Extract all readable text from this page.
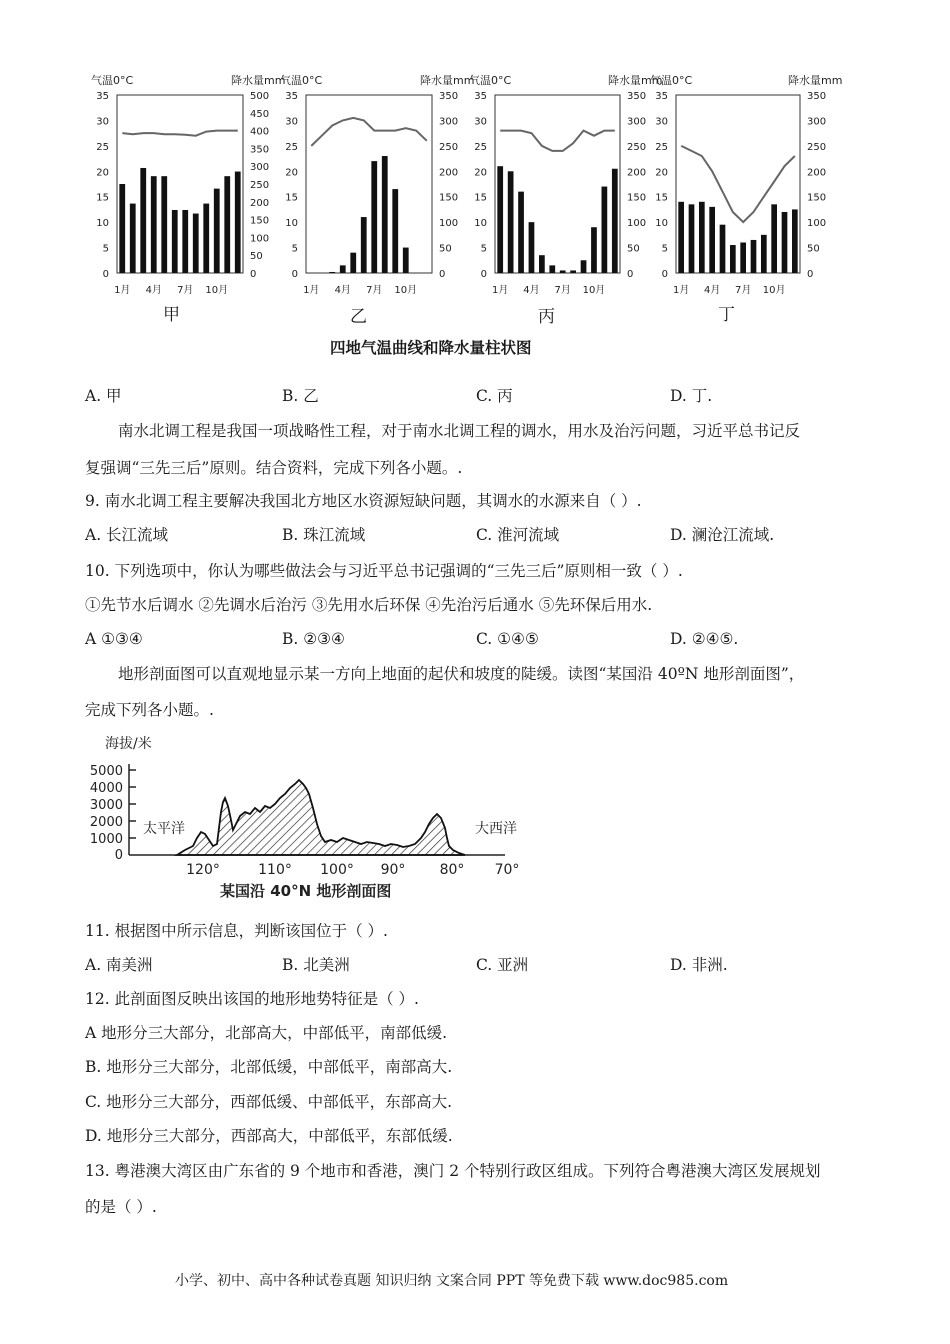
气温0°C	降水量mm
35
30
25
20
15
10
5
0
500
450
400
350
300
250
200
150
100
50
0
1月 4月 7月 10月
气温0°C	降水量mm
35
30
25
20
15
10
5
0
350
300
250
200
150
100
50
0
1月 4月 7月 10月
气温0°C	降水量mm
35
30
25
20
15
10
5
0
350
300
250
200
150
100
50
0
1月 4月 7月 10月
气温0°C	降水量mm
35
30
25
20
15
10
5
0
350
300
250
200
150
100
50
0
1月 4月 7月 10月
甲	乙	丙	丁
四地气温曲线和降水量柱状图
A. 甲	B. 乙	C. 丙	D. 丁.
南水北调工程是我国一项战略性工程，对于南水北调工程的调水，用水及治污问题，习近平总书记反
复强调“三先三后”原则。结合资料，完成下列各小题。.
9. 南水北调工程主要解决我国北方地区水资源短缺问题，其调水的水源来自（ ）.
A. 长江流域	B. 珠江流域	C. 淮河流域	D. 澜沧江流域.
10. 下列选项中，你认为哪些做法会与习近平总书记强调的“三先三后”原则相一致（ ）.
①先节水后调水 ②先调水后治污 ③先用水后环保 ④先治污后通水 ⑤先环保后用水.
A ①③④	B. ②③④	C. ①④⑤	D. ②④⑤.
地形剖面图可以直观地显示某一方向上地面的起伏和坡度的陡缓。读图“某国沿 40ºN 地形剖面图”，
完成下列各小题。.
海拔/米
5000
4000
3000
2000
1000
0
太平洋	大西洋
120°	110° 100° 90° 80° 70°
某国沿 40°N 地形剖面图
11. 根据图中所示信息，判断该国位于（ ）.
A. 南美洲	B. 北美洲	C. 亚洲	D. 非洲.
12. 此剖面图反映出该国的地形地势特征是（ ）.
A 地形分三大部分，北部高大，中部低平，南部低缓.
B. 地形分三大部分，北部低缓，中部低平，南部高大.
C. 地形分三大部分，西部低缓、中部低平，东部高大.
D. 地形分三大部分，西部高大，中部低平，东部低缓.
13. 粤港澳大湾区由广东省的 9 个地市和香港，澳门 2 个特别行政区组成。下列符合粤港澳大湾区发展规划
的是（ ）.
小学、初中、高中各种试卷真题 知识归纳 文案合同 PPT 等免费下载 www.doc985.com
